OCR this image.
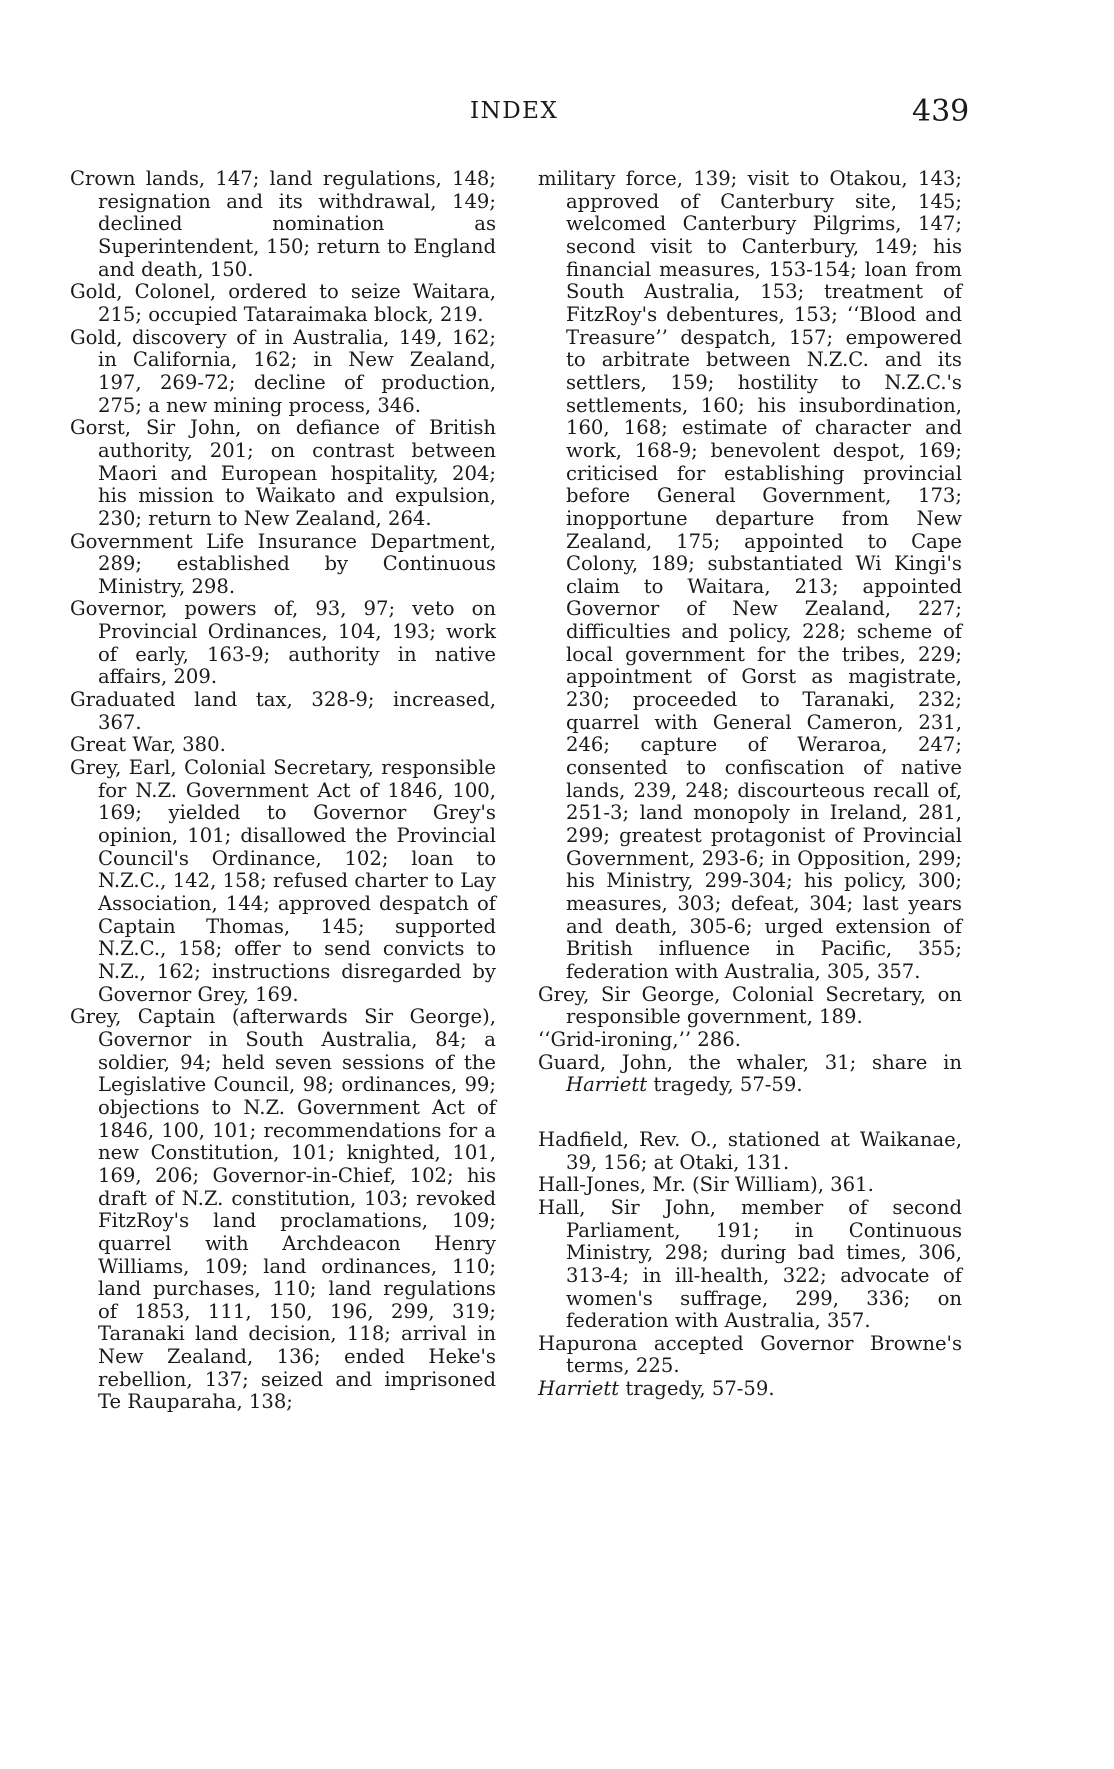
INDEX	439

Crown lands, 147; land regulations, 148; resignation and its withdrawal, 149; declined nomination as Superintendent, 150; return to England and death, 150.

Gold, Colonel, ordered to seize Waitara, 215; occupied Tataraimaka block, 219.

Gold, discovery of in Australia, 149, 162; in California, 162; in New Zealand, 197, 269-72; decline of production, 275; a new mining process, 346.

Gorst, Sir John, on defiance of British authority, 201; on contrast between Maori and European hospitality, 204; his mission to Waikato and expulsion, 230; return to New Zealand, 264.

Government Life Insurance Department, 289; established by Continuous Ministry, 298.

Governor, powers of, 93, 97; veto on Provincial Ordinances, 104, 193; work of early, 163-9; authority in native affairs, 209.

Graduated land tax, 328-9; increased, 367.

Great War, 380.

Grey, Earl, Colonial Secretary, responsible for N.Z. Government Act of 1846, 100, 169; yielded to Governor Grey's opinion, 101; disallowed the Provincial Council's Ordinance, 102; loan to N.Z.C., 142, 158; refused charter to Lay Association, 144; approved despatch of Captain Thomas, 145; supported N.Z.C., 158; offer to send convicts to N.Z., 162; instructions disregarded by Governor Grey, 169.

Grey, Captain (afterwards Sir George), Governor in South Australia, 84; a soldier, 94; held seven sessions of the Legislative Council, 98; ordinances, 99; objections to N.Z. Government Act of 1846, 100, 101; recommendations for a new Constitution, 101; knighted, 101, 169, 206; Governor-in-Chief, 102; his draft of N.Z. constitution, 103; revoked FitzRoy's land proclamations, 109; quarrel with Archdeacon Henry Williams, 109; land ordinances, 110; land purchases, 110; land regulations of 1853, 111, 150, 196, 299, 319; Taranaki land decision, 118; arrival in New Zealand, 136; ended Heke's rebellion, 137; seized and imprisoned Te Rauparaha, 138;

military force, 139; visit to Otakou, 143; approved of Canterbury site, 145; welcomed Canterbury Pilgrims, 147; second visit to Canterbury, 149; his financial measures, 153-154; loan from South Australia, 153; treatment of FitzRoy's debentures, 153; ‘‘Blood and Treasure’’ despatch, 157; empowered to arbitrate between N.Z.C. and its settlers, 159; hostility to N.Z.C.'s settlements, 160; his insubordination, 160, 168; estimate of character and work, 168-9; benevolent despot, 169; criticised for establishing provincial before General Government, 173; inopportune departure from New Zealand, 175; appointed to Cape Colony, 189; substantiated Wi Kingi's claim to Waitara, 213; appointed Governor of New Zealand, 227; difficulties and policy, 228; scheme of local government for the tribes, 229; appointment of Gorst as magistrate, 230; proceeded to Taranaki, 232; quarrel with General Cameron, 231, 246; capture of Weraroa, 247; consented to confiscation of native lands, 239, 248; discourteous recall of, 251-3; land monopoly in Ireland, 281, 299; greatest protagonist of Provincial Government, 293-6; in Opposition, 299; his Ministry, 299-304; his policy, 300; measures, 303; defeat, 304; last years and death, 305-6; urged extension of British influence in Pacific, 355; federation with Australia, 305, 357.

Grey, Sir George, Colonial Secretary, on responsible government, 189.

‘‘Grid-ironing,’’ 286.

Guard, John, the whaler, 31; share in Harriett tragedy, 57-59.

Hadfield, Rev. O., stationed at Waikanae, 39, 156; at Otaki, 131.

Hall-Jones, Mr. (Sir William), 361.

Hall, Sir John, member of second Parliament, 191; in Continuous Ministry, 298; during bad times, 306, 313-4; in ill-health, 322; advocate of women's suffrage, 299, 336; on federation with Australia, 357.

Hapurona accepted Governor Browne's terms, 225.

Harriett tragedy, 57-59.
